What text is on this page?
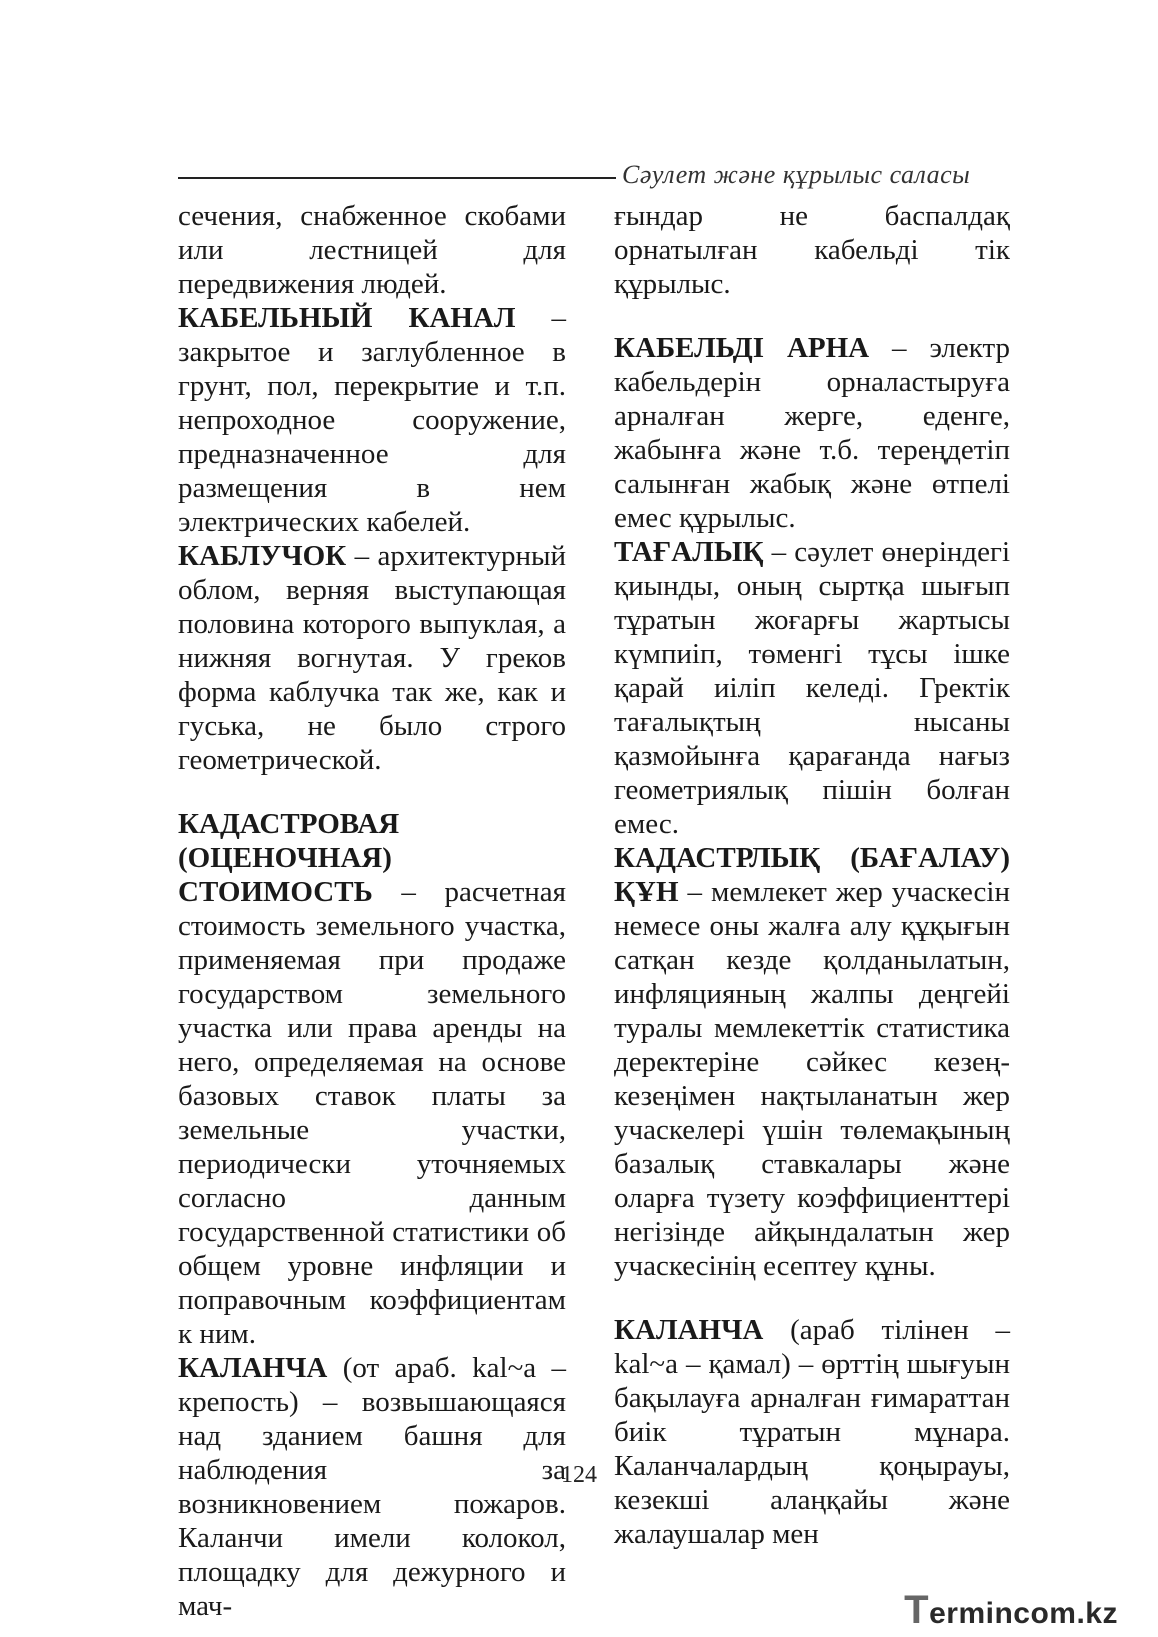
Сәулет және құрылыс саласы

сечения, снабженное скобами или лестницей для передвижения людей.

КАБЕЛЬНЫЙ КАНАЛ – закрытое и заглубленное в грунт, пол, перекрытие и т.п. непроходное сооружение, предназначенное для размещения в нем электрических кабелей.

КАБЛУЧОК – архитектурный облом, верняя выступающая половина которого выпуклая, а нижняя вогнутая. У греков форма каблучка так же, как и гуська, не было строго геометрической.

КАДАСТРОВАЯ (ОЦЕНОЧНАЯ) СТОИМОСТЬ – расчетная стоимость земельного участка, применяемая при продаже государством земельного участка или права аренды на него, определяемая на основе базовых ставок платы за земельные участки, периодически уточняемых согласно данным государственной статистики об общем уровне инфляции и поправочным коэффициентам к ним.

КАЛАНЧА (от араб. kal~a – крепость) – возвышающаяся над зданием башня для наблюдения за возникновением пожаров. Каланчи имели колокол, площадку для дежурного и мач-

ғындар не баспалдақ орнатылған кабельді тік құрылыс.

КАБЕЛЬДІ АРНА – электр кабельдерін орналастыруға арналған жерге, еденге, жабынға және т.б. тереңдетіп салынған жабық және өтпелі емес құрылыс.

ТАҒАЛЫҚ – сәулет өнеріндегі қиынды, оның сыртқа шығып тұратын жоғарғы жартысы күмпиіп, төменгі тұсы ішке қарай иіліп келеді. Гректік тағалықтың нысаны қазмойынға қарағанда нағыз геометриялық пішін болған емес.

КАДАСТРЛЫҚ (БАҒАЛАУ) ҚҰН – мемлекет жер учаскесін немесе оны жалға алу құқығын сатқан кезде қолданылатын, инфляцияның жалпы деңгейі туралы мемлекеттік статистика деректеріне сәйкес кезең-кезеңімен нақтыланатын жер учаскелері үшін төлемақының базалық ставкалары және оларға түзету коэффициенттері негізінде айқындалатын жер учаскесінің есептеу құны.

КАЛАНЧА (араб тілінен – kal~a – қамал) – өрттің шығуын бақылауға арналған ғимараттан биік тұратын мұнара. Каланчалардың қоңырауы, кезекші алаңқайы және жалаушалар мен

124
Termincom.kz
